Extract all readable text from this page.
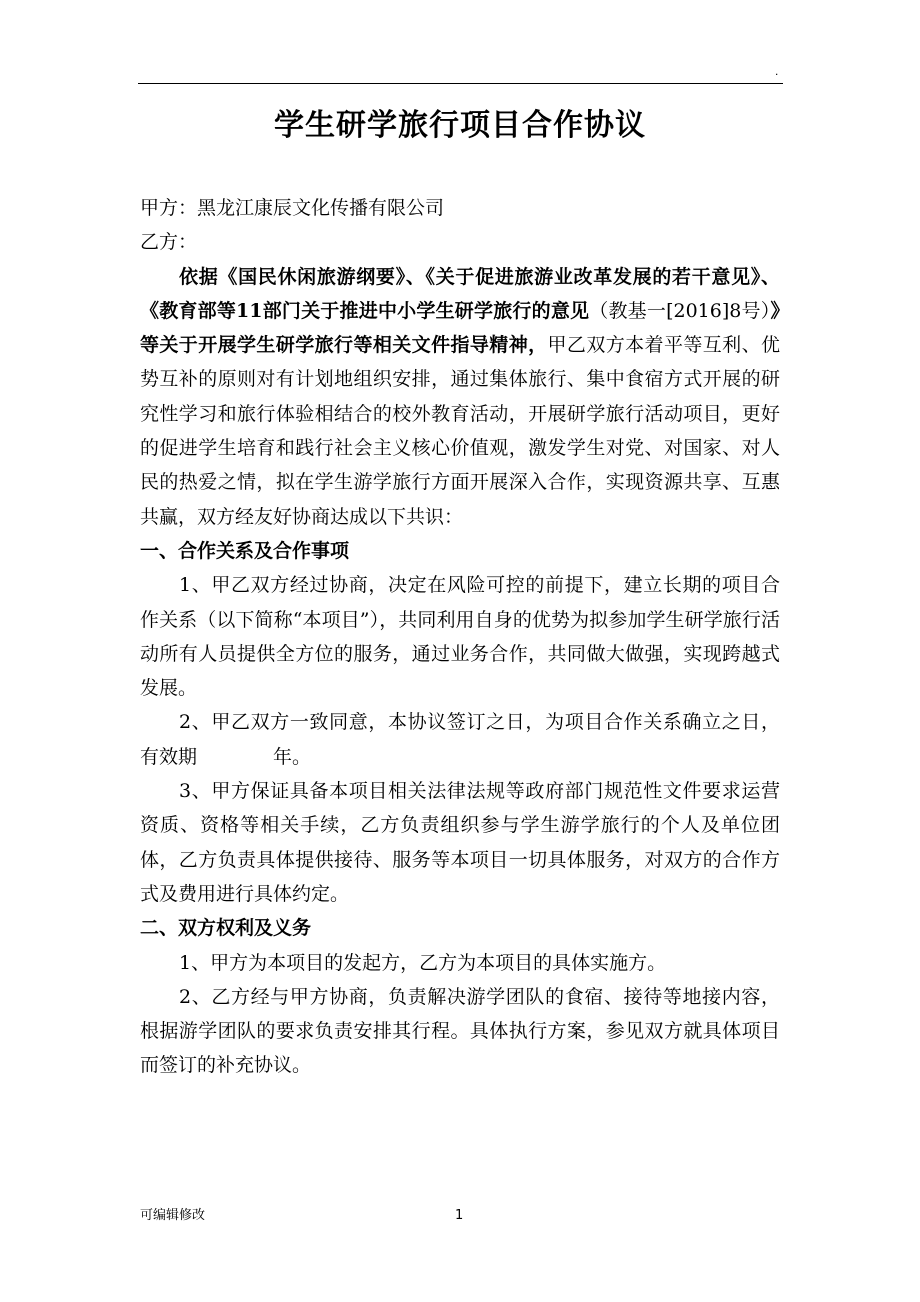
.
学生研学旅行项目合作协议

甲方：黑龙江康辰文化传播有限公司

乙方：

依据《国民休闲旅游纲要》、《关于促进旅游业改革发展的若干意见》、《教育部等11部门关于推进中小学生研学旅行的意见（教基一[2016]8号）》等关于开展学生研学旅行等相关文件指导精神，甲乙双方本着平等互利、优势互补的原则对有计划地组织安排，通过集体旅行、集中食宿方式开展的研究性学习和旅行体验相结合的校外教育活动，开展研学旅行活动项目，更好的促进学生培育和践行社会主义核心价值观，激发学生对党、对国家、对人民的热爱之情，拟在学生游学旅行方面开展深入合作，实现资源共享、互惠共赢，双方经友好协商达成以下共识：

一、合作关系及合作事项

1、甲乙双方经过协商，决定在风险可控的前提下，建立长期的项目合作关系（以下简称“本项目”），共同利用自身的优势为拟参加学生研学旅行活动所有人员提供全方位的服务，通过业务合作，共同做大做强，实现跨越式发展。

2、甲乙双方一致同意，本协议签订之日，为项目合作关系确立之日，有效期	年。

3、甲方保证具备本项目相关法律法规等政府部门规范性文件要求运营资质、资格等相关手续，乙方负责组织参与学生游学旅行的个人及单位团体，乙方负责具体提供接待、服务等本项目一切具体服务，对双方的合作方式及费用进行具体约定。

二、双方权利及义务

1、甲方为本项目的发起方，乙方为本项目的具体实施方。

2、乙方经与甲方协商，负责解决游学团队的食宿、接待等地接内容，根据游学团队的要求负责安排其行程。具体执行方案，参见双方就具体项目而签订的补充协议。

可编辑修改	1
